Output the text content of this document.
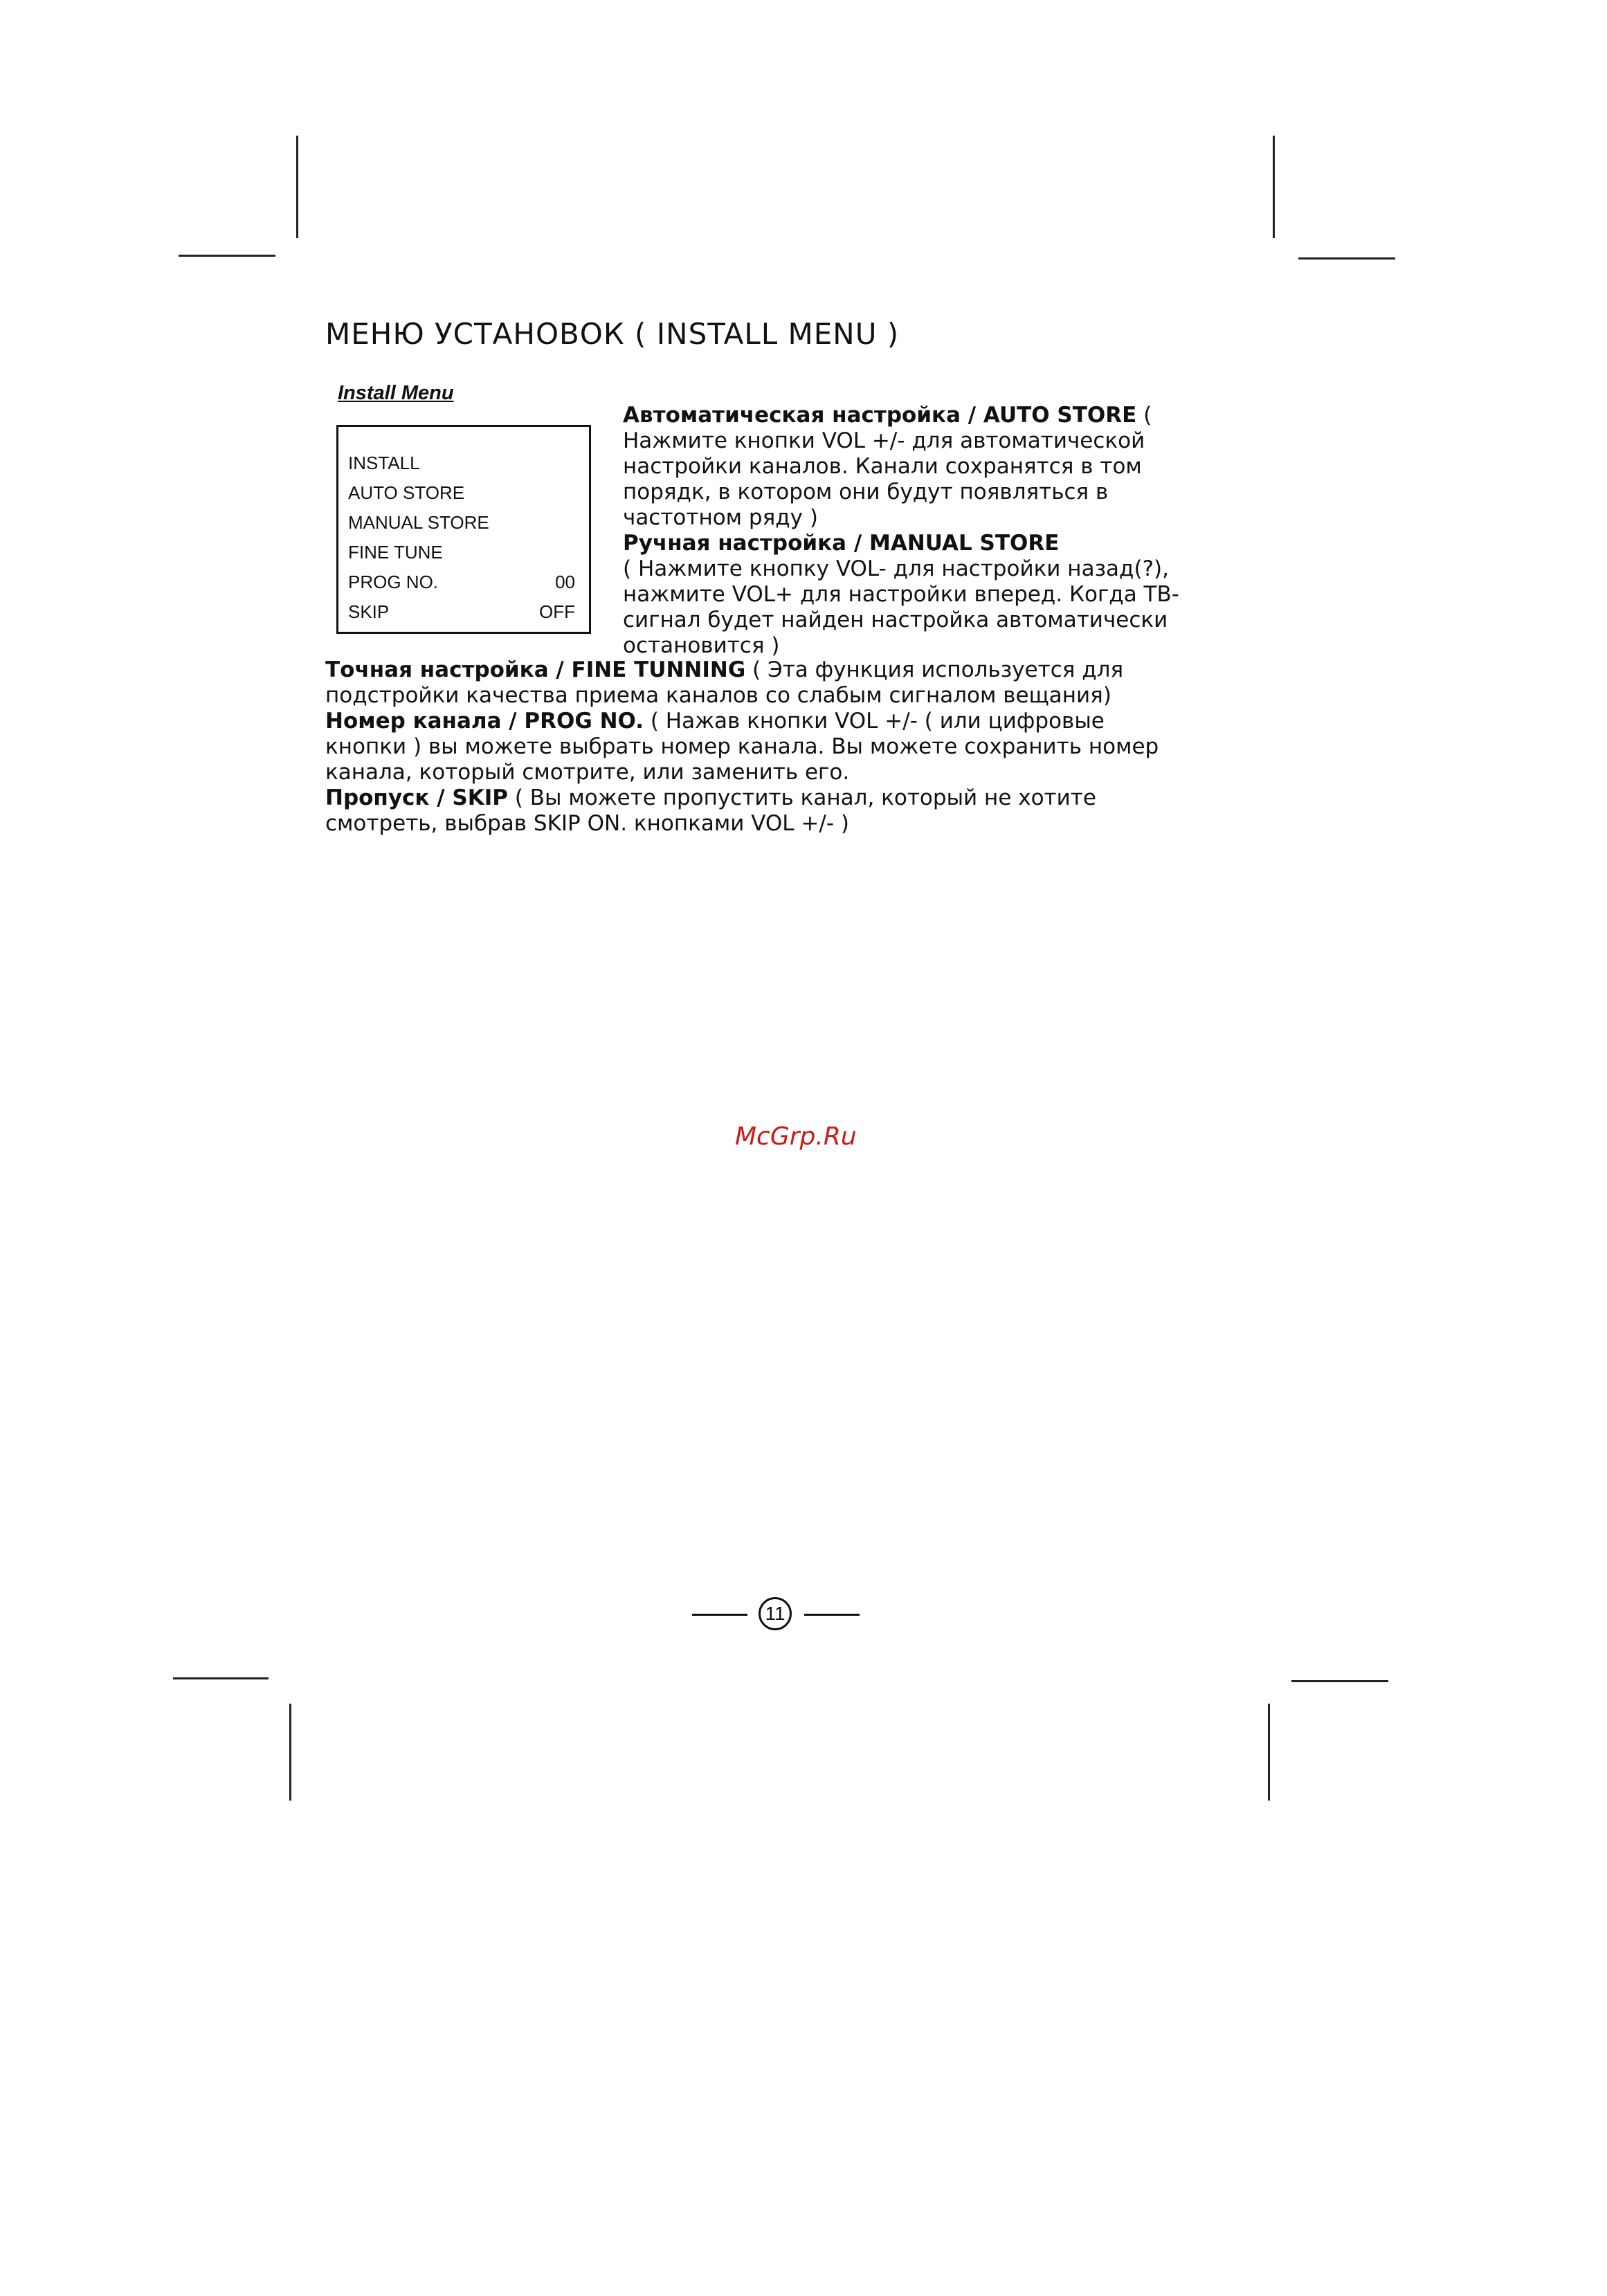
МЕНЮ УСТАНОВОК ( INSTALL MENU )
Install Menu
INSTALL
AUTO STORE
MANUAL STORE
FINE TUNE
PROG NO.	00
SKIP	OFF
Автоматическая настройка / AUTO STORE (
Нажмите кнопки VOL +/- для автоматической
настройки каналов. Канали сохранятся в том
порядк, в котором они будут появляться в
частотном ряду )
Ручная настройка / MANUAL STORE
( Нажмите кнопку VOL- для настройки назад(?),
нажмите VOL+ для настройки вперед. Когда ТВ-
сигнал будет найден настройка автоматически
остановится )
Точная настройка / FINE TUNNING ( Эта функция используется для
подстройки качества приема каналов со слабым сигналом вещания)
Номер канала / PROG NO. ( Нажав кнопки VOL +/- ( или цифровые
кнопки ) вы можете выбрать номер канала. Вы можете сохранить номер
канала, который смотрите, или заменить его.
Пропуск / SKIP ( Вы можете пропустить канал, который не хотите
смотреть, выбрав SKIP ON. кнопками VOL +/- )
McGrp.Ru
11
